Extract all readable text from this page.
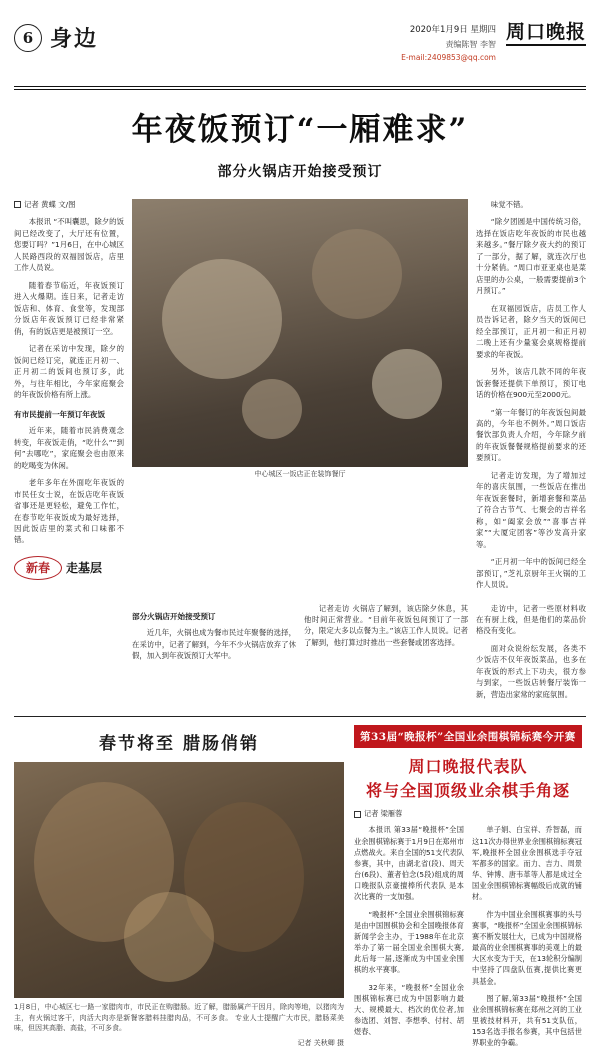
6 身边	2020年1月9日 星期四
责编陈智 李智
E-mail:2409853@qq.com
周口晚报
年夜饭预订“一厢难求”
部分火锅店开始接受预订
记者 黄蝶 文/图

本报讯 “不叫囊思，除夕的饭间已经改变了，大厅还有位置，您要订吗？”1月6日，在中心城区人民路西段的双福园饭店，店里工作人员说。

随着春节临近，年夜饭预订进入火爆期。连日来，记者走访饭店和、体育、食堂等，发现部分饭店年夜饭预订已经非常紧俏，有的饭店更是被预订一空。

记者在采访中发现，除夕的饭间已经订完，就连正月初一、正月初二的饭间也预订多，此外，与往年相比，今年家庭聚会的年夜饭价格有所上涨。

有市民提前一年预订年夜饭

近年来，随着市民消费观念转变，年夜饭走俏，“吃什么”“到何”去哪吃”，家庭聚会也由原来的吃喝变为休闲。

老年多年在外面吃年夜饭的市民任女士说，在饭店吃年夜饭省事还是更轻松，避免工作忙，在春节吃年夜饭成为最好选择，因此饭店里的菜式和口味都不错。

新春	走基层
中心城区一饭店正在装饰餐厅

味觉不错。

“除夕团圆是中国传统习俗，选择在饭店吃年夜饭的市民也越来越多。”餐厅除夕夜大约的预订了一部分，据了解，就连次厅也十分紧俏。“周口市亚亚桌也是菜店里的办公桌，一般需要提前3个月预订。”

在双福园饭店，店员工作人员告诉记者，除夕当天的饭间已经全部预订，正月初一和正月初二晚上还有少量宴会桌规格提前要求的年夜饭。

另外，该店几款不同的年夜饭套餐还提供下单预订，预订电话的价格在900元至2000元。

“第一年餐订的年夜饭包间最高的，今年也不例外。”周口饭店餐饮部负责人介绍，今年除夕前的年夜饭餐餐规格提前要求的还要预订。

记者走访发现，为了增加过年的喜庆氛围，一些饭店在推出年夜饭套餐时，新增套餐和菜品了符合古节气、七聚会的吉祥名称，如“阖家会放”“喜事吉祥家”“大厦定团客”等沙发高升家等。

“正月初一年中的饭间已经全部预订，”芝礼京厨年王火锅的工作人员说。

部分火锅店开始接受预订

近几年，火锅也成为餐市民过年聚餐的选择，在采访中，记者了解到，今年不少火锅店放弃了休假，加入到年夜饭预订大军中。

记者走访 火锅店了解到，该店除夕休息，其他时间正常营业。“目前年夜饭包间预订了一部分，限定大多以点餐为主。”该店工作人员说。记者了解到，他打算过时推出一些套餐或团客选择。

走访中，记者一些原材料收在有厨上线，但是他们的菜品价格没有变化。

面对众说纷纭发展，各类不少饭店不仅年夜饭菜品，也多在年夜饭的形式上下功夫，很方参与到家，一些饭店转餐厅装饰一新，营造出家常的家庭氛围。

春节将至 腊肠俏销
1月8日，中心城区七一路一家腊肉市，市民正在购腊肠。近了解，腊肠属产干因月，除肉等地，以猪肉为主，有火锅过客干，肉活大肉亦是新餐客腊料挂腊肉品，不可多食。 专业人士提醒广大市民，腊肠菜美味，但因其高脂、高盐，不可多食。
记者 关秋卿 摄
第33届“晚报杯”全国业余围棋锦标赛今开赛
周口晚报代表队
将与全国顶级业余棋手角逐
记者 梁雁蓉

本报讯 第33届“晚报杯”全国业余围棋锦标赛于1月9日在郑州市点燃战火。来自全国的51支代表队参赛，其中，由湖北省(段)、周天台(6段)、董者伯念(5段)组成的周口晚报队京豪擅棒所代表队 是本次比赛的一支加强。

“晚报杯”全国业余围棋锦标赛是由中国围棋协会和全国晚报体育新闻学会主办，于1988年在北京举办了第一届全国业余围棋大赛,此后每一届,逐渐成为中国业余围棋的水平赛事。

32年来，“晚报杯”全国业余围棋锦标赛已成为中国影响力最大、规模最大、档次的优位者,加参选团、刘智、李想季、付村、胡煜春、

单子娟、白宝祥、乔智磊，而这11次办得世界业余围棋锦标赛冠军,晚报杯全国业余围棋选手夺冠军都多的国家。而力、吉力、周景华、钟博、唐韦革等人都是成过全国业余围棋锦标赛幅级后成就的铺材。

作为中国业余围棋赛事的头号赛事，“晚报杯”全国业余围棋锦标赛不断发展壮大，已成为中国规格最高的业余围棋赛事的美观上的最大区水变为于天，在13轮积分编制中坚持了四盘队伍赛,提供比赛更具基金。

图了解,第33届“晚报杯”全国业余围棋锦标赛在郑州之河的工业里被技材料开，共有51支队伍，153名选手报名参赛，其中包括世界职业的争霸。
